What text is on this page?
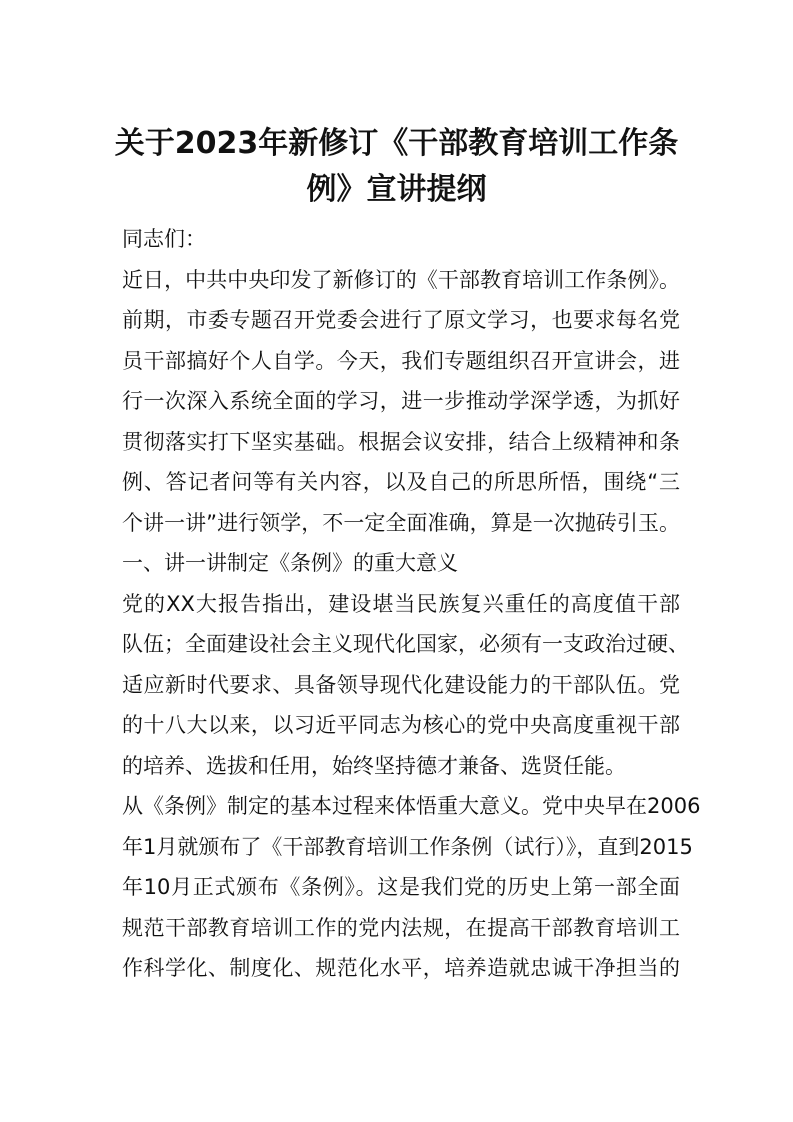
关于2023年新修订《干部教育培训工作条
例》宣讲提纲
同志们：
近日，中共中央印发了新修订的《干部教育培训工作条例》。
前期，市委专题召开党委会进行了原文学习，也要求每名党
员干部搞好个人自学。今天，我们专题组织召开宣讲会，进
行一次深入系统全面的学习，进一步推动学深学透，为抓好
贯彻落实打下坚实基础。根据会议安排，结合上级精神和条
例、答记者问等有关内容，以及自己的所思所悟，围绕“三
个讲一讲”进行领学，不一定全面准确，算是一次抛砖引玉。
一、讲一讲制定《条例》的重大意义
党的XX大报告指出，建设堪当民族复兴重任的高度值干部
队伍；全面建设社会主义现代化国家，必须有一支政治过硬、
适应新时代要求、具备领导现代化建设能力的干部队伍。党
的十八大以来，以习近平同志为核心的党中央高度重视干部
的培养、选拔和任用，始终坚持德才兼备、选贤任能。
从《条例》制定的基本过程来体悟重大意义。党中央早在2006
年1月就颁布了《干部教育培训工作条例（试行）》，直到2015
年10月正式颁布《条例》。这是我们党的历史上第一部全面
规范干部教育培训工作的党内法规，在提高干部教育培训工
作科学化、制度化、规范化水平，培养造就忠诚干净担当的
